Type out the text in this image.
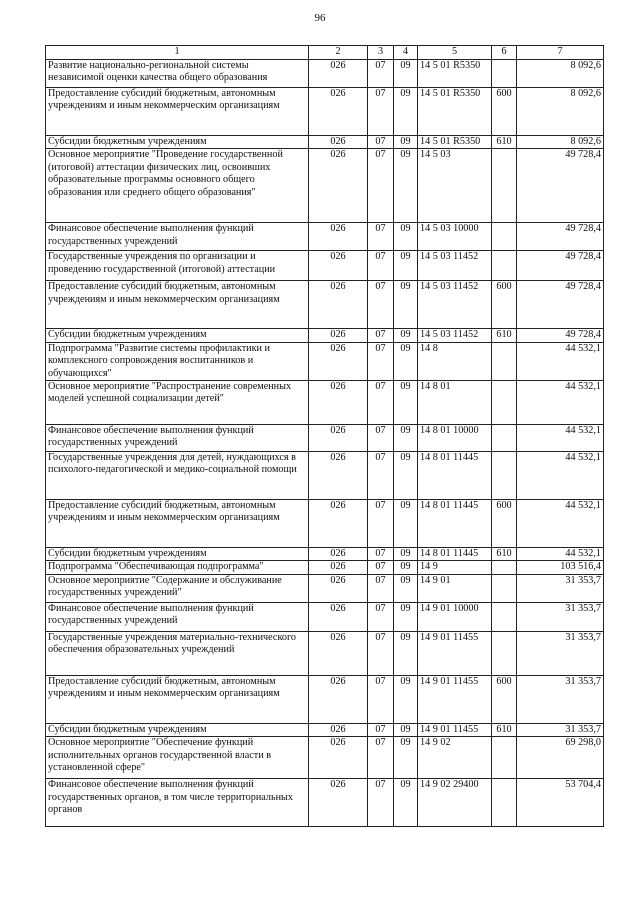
96
1	2	3	4	5	6	7
Развитие национально-региональной системы независимой оценки качества общего образования	026	07	09	14 5 01 R5350		8 092,6
Предоставление субсидий бюджетным, автономным учреждениям и иным некоммерческим организациям	026	07	09	14 5 01 R5350	600	8 092,6
Субсидии бюджетным учреждениям	026	07	09	14 5 01 R5350	610	8 092,6
Основное мероприятие "Проведение государственной (итоговой) аттестации физических лиц, освоивших образовательные программы основного общего образования или среднего общего образования"	026	07	09	14 5 03		49 728,4
Финансовое обеспечение выполнения функций государственных учреждений	026	07	09	14 5 03 10000		49 728,4
Государственные учреждения по организации и проведению государственной (итоговой) аттестации	026	07	09	14 5 03 11452		49 728,4
Предоставление субсидий бюджетным, автономным учреждениям и иным некоммерческим организациям	026	07	09	14 5 03 11452	600	49 728,4
Субсидии бюджетным учреждениям	026	07	09	14 5 03 11452	610	49 728,4
Подпрограмма "Развитие системы профилактики и комплексного сопровождения воспитанников и обучающихся"	026	07	09	14 8		44 532,1
Основное мероприятие "Распространение современных моделей успешной социализации детей"	026	07	09	14 8 01		44 532,1
Финансовое обеспечение выполнения функций государственных учреждений	026	07	09	14 8 01 10000		44 532,1
Государственные учреждения для детей, нуждающихся в психолого-педагогической и медико-социальной помощи	026	07	09	14 8 01 11445		44 532,1
Предоставление субсидий бюджетным, автономным учреждениям и иным некоммерческим организациям	026	07	09	14 8 01 11445	600	44 532,1
Субсидии бюджетным учреждениям	026	07	09	14 8 01 11445	610	44 532,1
Подпрограмма "Обеспечивающая подпрограмма"	026	07	09	14 9		103 516,4
Основное мероприятие "Содержание и обслуживание государственных учреждений"	026	07	09	14 9 01		31 353,7
Финансовое обеспечение выполнения функций государственных учреждений	026	07	09	14 9 01 10000		31 353,7
Государственные учреждения материально-технического обеспечения образовательных учреждений	026	07	09	14 9 01 11455		31 353,7
Предоставление субсидий бюджетным, автономным учреждениям и иным некоммерческим организациям	026	07	09	14 9 01 11455	600	31 353,7
Субсидии бюджетным учреждениям	026	07	09	14 9 01 11455	610	31 353,7
Основное мероприятие "Обеспечение функций исполнительных органов государственной власти в установленной сфере"	026	07	09	14 9 02		69 298,0
Финансовое обеспечение выполнения функций государственных органов, в том числе территориальных органов	026	07	09	14 9 02 29400		53 704,4
